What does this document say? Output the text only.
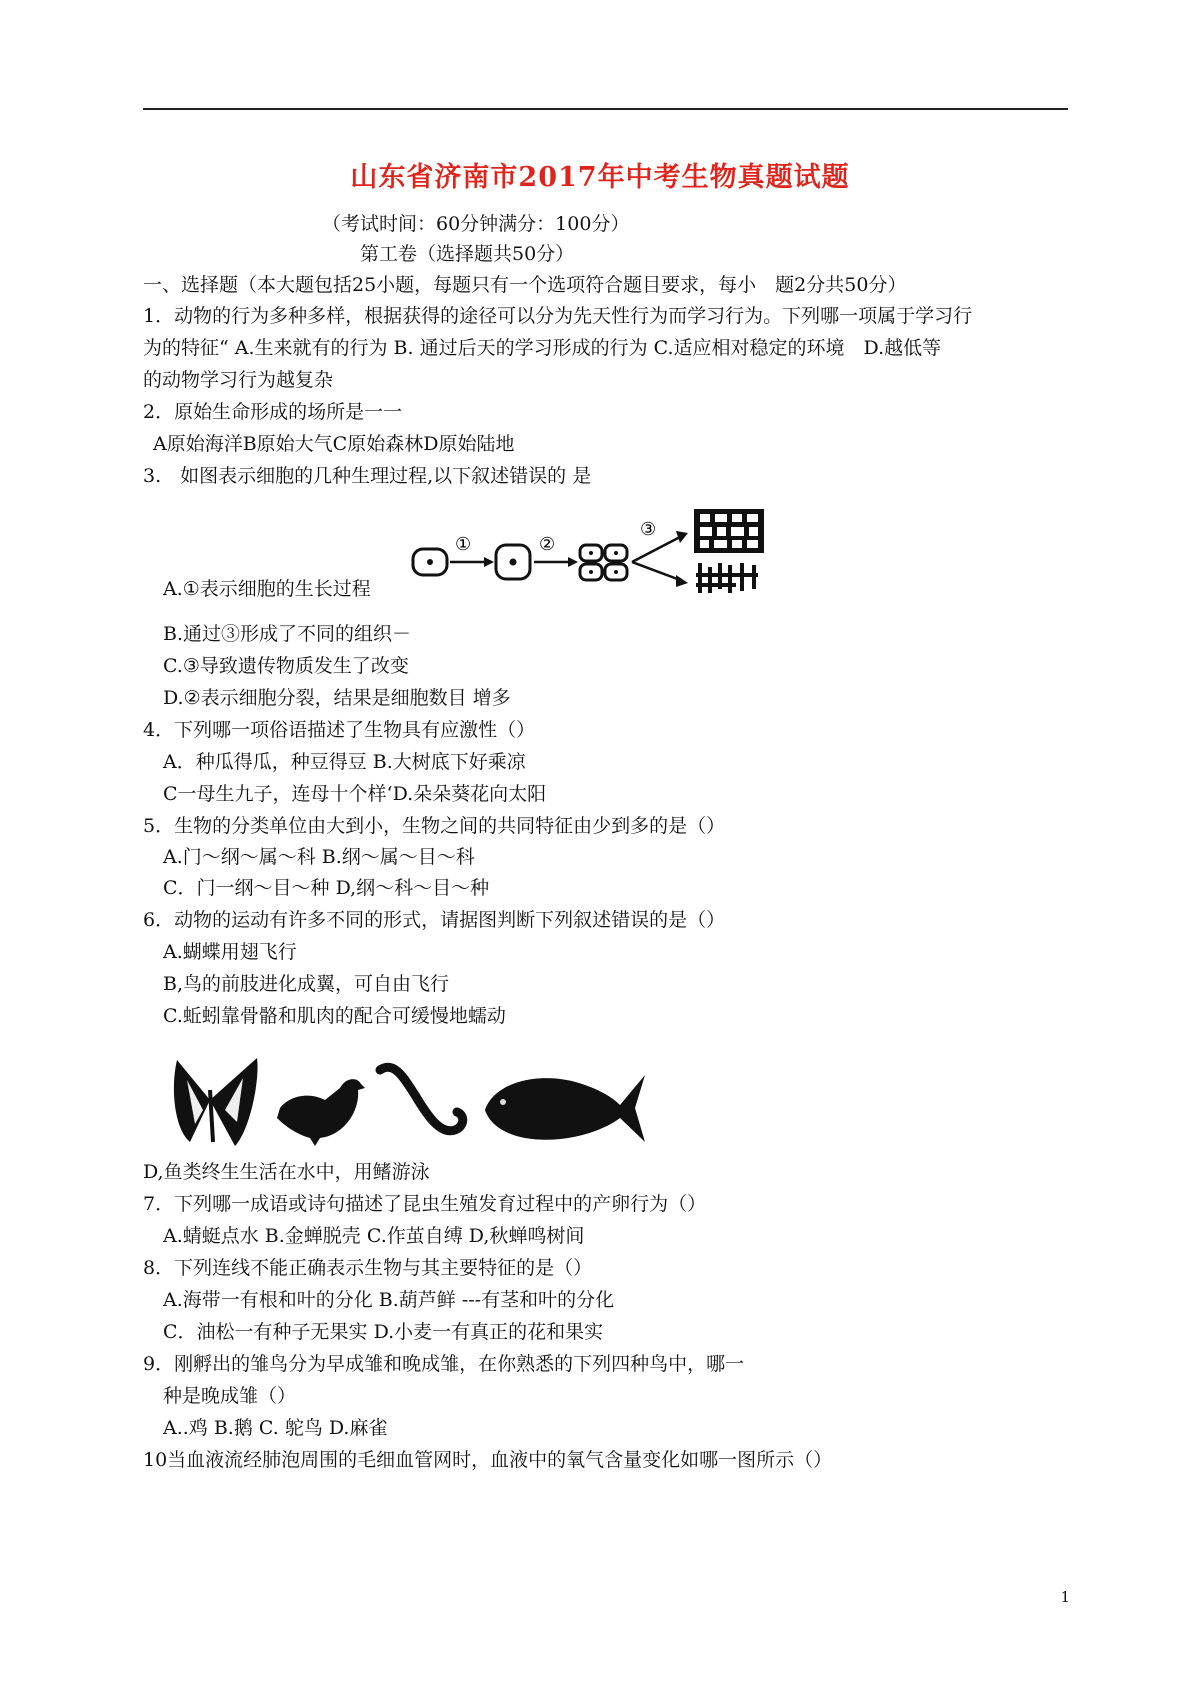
山东省济南市2017年中考生物真题试题
（考试时间：60分钟满分：100分）
第工卷（选择题共50分）
一、选择题（本大题包括25小题，每题只有一个选项符合题目要求，每小　题2分共50分）
1．动物的行为多种多样，根据获得的途径可以分为先天性行为而学习行为。下列哪一项属于学习行
为的特征“ A.生来就有的行为 B. 通过后天的学习形成的行为 C.适应相对稳定的环境　D.越低等
的动物学习行为越复杂
2．原始生命形成的场所是一一
A原始海洋B原始大气C原始森林D原始陆地
3.　如图表示细胞的几种生理过程,以下叙述错误的 是
①	②
③
A.①表示细胞的生长过程
B.通过③形成了不同的组织－
C.③导致遗传物质发生了改变
D.②表示细胞分裂，结果是细胞数目 增多
4．下列哪一项俗语描述了生物具有应激性（）
A．种瓜得瓜，种豆得豆 B.大树底下好乘凉
C一母生九子，连母十个样‘D.朵朵葵花向太阳
5．生物的分类单位由大到小，生物之间的共同特征由少到多的是（）
A.门～纲～属～科 B.纲～属～目～科
C．门一纲～目～种 D,纲～科～目～种
6．动物的运动有许多不同的形式，请据图判断下列叙述错误的是（）
A.蝴蝶用翅飞行
B,鸟的前肢进化成翼，可自由飞行
C.蚯蚓靠骨骼和肌肉的配合可缓慢地蠕动
D,鱼类终生生活在水中，用鳍游泳
7．下列哪一成语或诗句描述了昆虫生殖发育过程中的产卵行为（）
A.蜻蜓点水 B.金蝉脱壳 C.作茧自缚 D,秋蝉鸣树间
8．下列连线不能正确表示生物与其主要特征的是（）
A.海带一有根和叶的分化 B.葫芦鲜 ---有茎和叶的分化
C．油松一有种子无果实 D.小麦一有真正的花和果实
9．刚孵出的雏鸟分为早成雏和晚成雏，在你熟悉的下列四种鸟中，哪一
种是晚成雏（）
A..鸡 B.鹅 C. 鸵鸟 D.麻雀
10当血液流经肺泡周围的毛细血管网时，血液中的氧气含量变化如哪一图所示（）
1
